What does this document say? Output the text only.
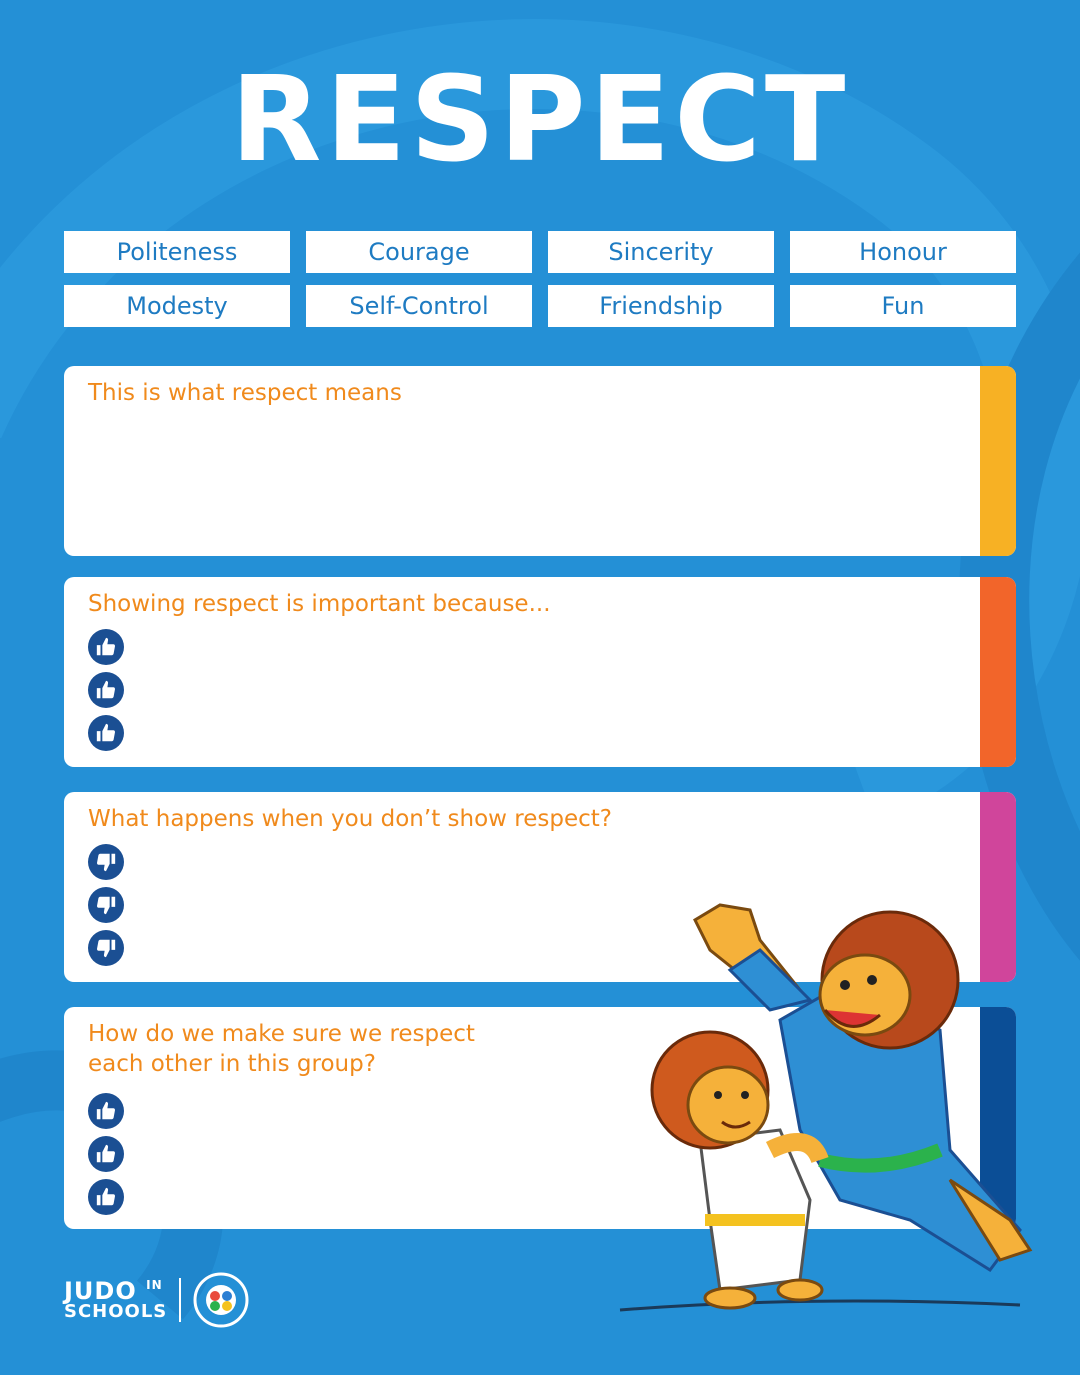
RESPECT
Politeness	Courage	Sincerity	Honour
Modesty	Self-Control	Friendship	Fun
This is what respect means
Showing respect is important because...
What happens when you don’t show respect?
How do we make sure we respect
each other in this group?
JUDO $^{IN}$
SCHOOLS
